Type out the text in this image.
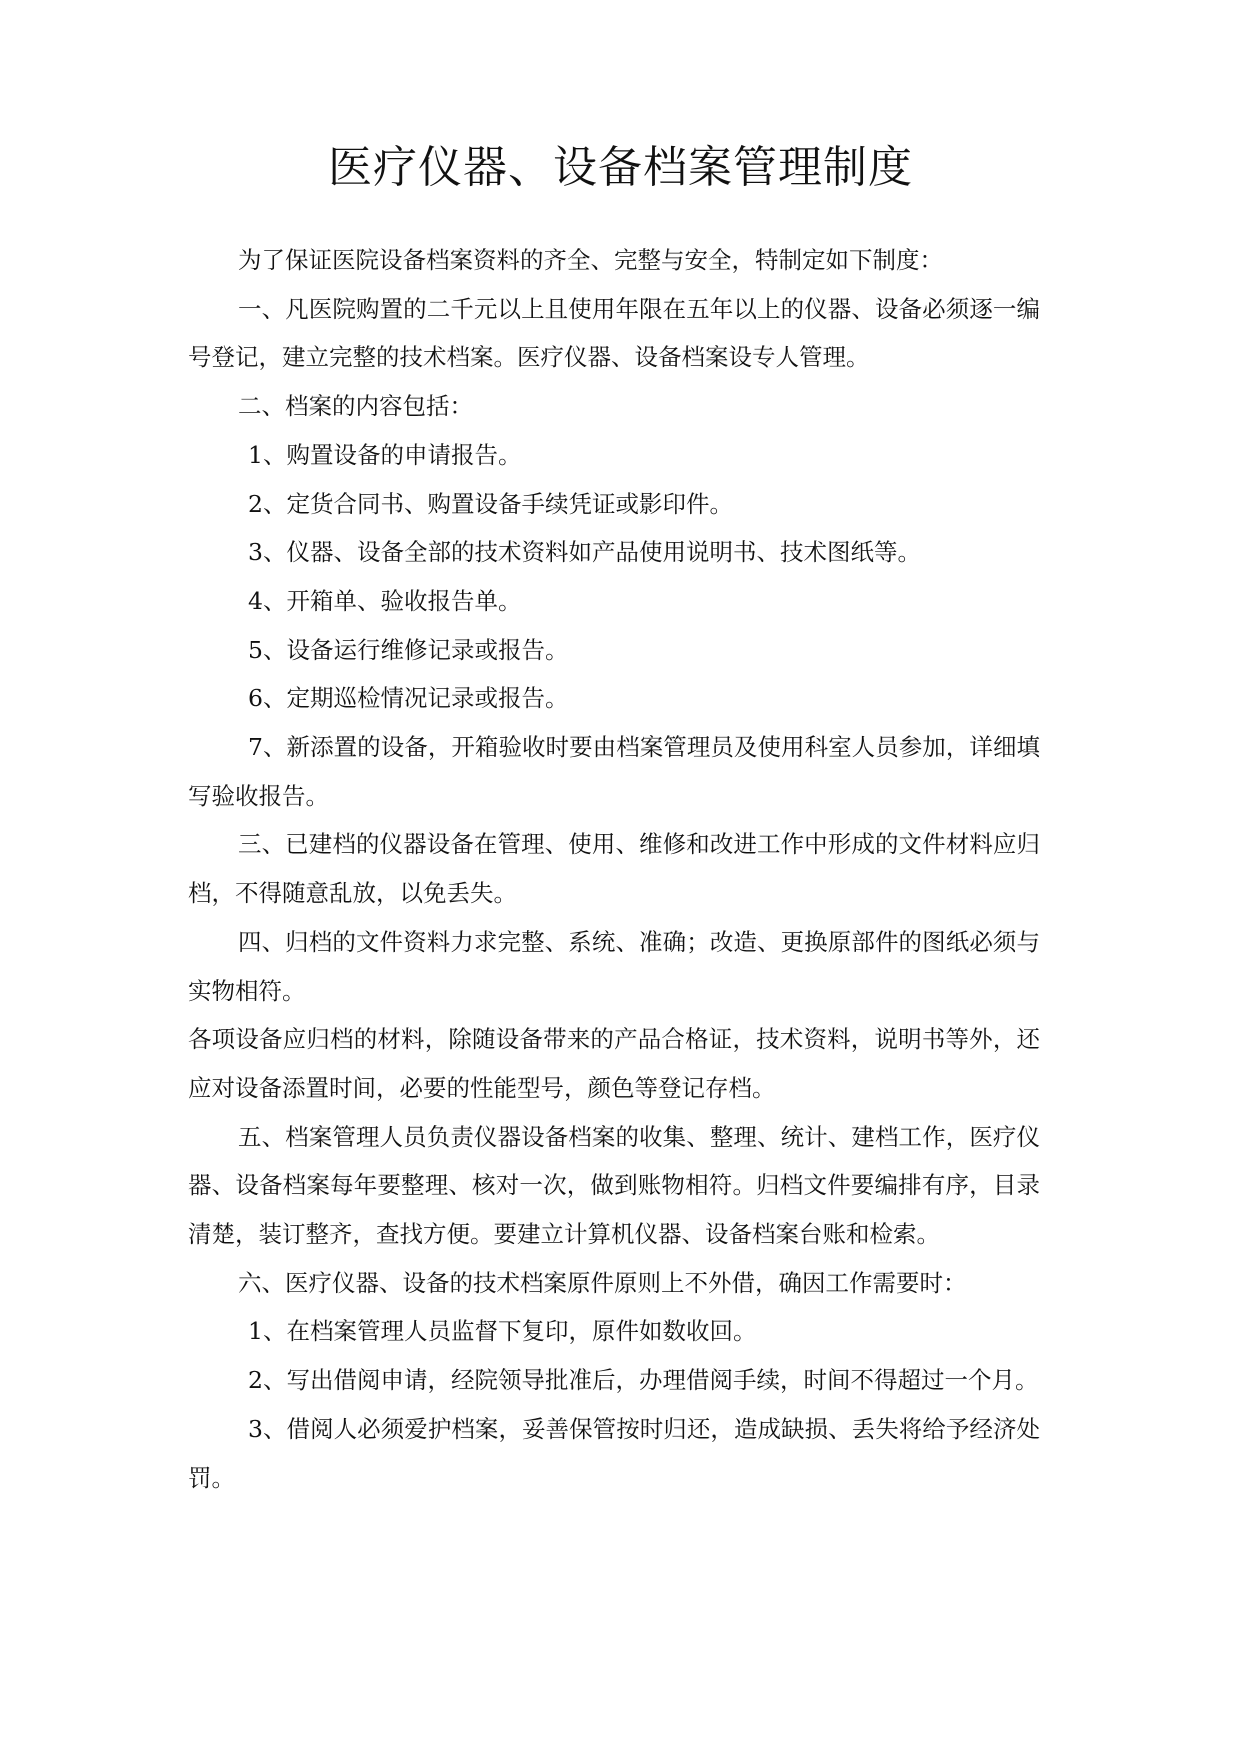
医疗仪器、设备档案管理制度

为了保证医院设备档案资料的齐全、完整与安全，特制定如下制度：

一、凡医院购置的二千元以上且使用年限在五年以上的仪器、设备必须逐一编号登记，建立完整的技术档案。医疗仪器、设备档案设专人管理。

二、档案的内容包括：

1、购置设备的申请报告。

2、定货合同书、购置设备手续凭证或影印件。

3、仪器、设备全部的技术资料如产品使用说明书、技术图纸等。

4、开箱单、验收报告单。

5、设备运行维修记录或报告。

6、定期巡检情况记录或报告。

7、新添置的设备，开箱验收时要由档案管理员及使用科室人员参加，详细填写验收报告。

三、已建档的仪器设备在管理、使用、维修和改进工作中形成的文件材料应归档，不得随意乱放，以免丢失。

四、归档的文件资料力求完整、系统、准确；改造、更换原部件的图纸必须与实物相符。

各项设备应归档的材料，除随设备带来的产品合格证，技术资料，说明书等外，还应对设备添置时间，必要的性能型号，颜色等登记存档。

五、档案管理人员负责仪器设备档案的收集、整理、统计、建档工作，医疗仪器、设备档案每年要整理、核对一次，做到账物相符。归档文件要编排有序，目录清楚，装订整齐，查找方便。要建立计算机仪器、设备档案台账和检索。

六、医疗仪器、设备的技术档案原件原则上不外借，确因工作需要时：

1、在档案管理人员监督下复印，原件如数收回。

2、写出借阅申请，经院领导批准后，办理借阅手续，时间不得超过一个月。

3、借阅人必须爱护档案，妥善保管按时归还，造成缺损、丢失将给予经济处罚。
